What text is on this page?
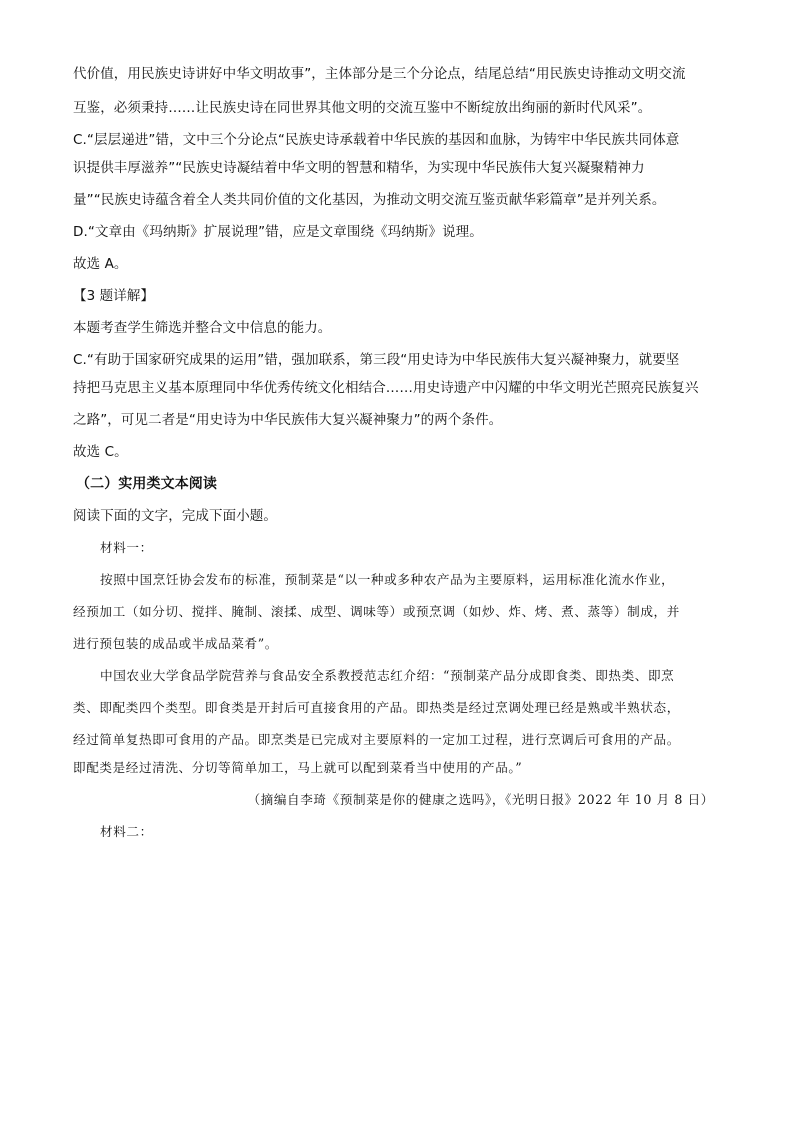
代价值，用民族史诗讲好中华文明故事”，主体部分是三个分论点，结尾总结“用民族史诗推动文明交流
互鉴，必须秉持……让民族史诗在同世界其他文明的交流互鉴中不断绽放出绚丽的新时代风采”。
C.“层层递进”错，文中三个分论点“民族史诗承载着中华民族的基因和血脉，为铸牢中华民族共同体意
识提供丰厚滋养”“民族史诗凝结着中华文明的智慧和精华，为实现中华民族伟大复兴凝聚精神力
量”“民族史诗蕴含着全人类共同价值的文化基因，为推动文明交流互鉴贡献华彩篇章”是并列关系。
D.“文章由《玛纳斯》扩展说理”错，应是文章围绕《玛纳斯》说理。
故选 A。
【3 题详解】
本题考查学生筛选并整合文中信息的能力。
C.“有助于国家研究成果的运用”错，强加联系，第三段“用史诗为中华民族伟大复兴凝神聚力，就要坚
持把马克思主义基本原理同中华优秀传统文化相结合……用史诗遗产中闪耀的中华文明光芒照亮民族复兴
之路”，可见二者是“用史诗为中华民族伟大复兴凝神聚力”的两个条件。
故选 C。
（二）实用类文本阅读
阅读下面的文字，完成下面小题。
材料一：
按照中国烹饪协会发布的标准，预制菜是“以一种或多种农产品为主要原料，运用标准化流水作业，
经预加工（如分切、搅拌、腌制、滚揉、成型、调味等）或预烹调（如炒、炸、烤、煮、蒸等）制成，并
进行预包装的成品或半成品菜肴”。
中国农业大学食品学院营养与食品安全系教授范志红介绍：“预制菜产品分成即食类、即热类、即烹
类、即配类四个类型。即食类是开封后可直接食用的产品。即热类是经过烹调处理已经是熟或半熟状态，
经过简单复热即可食用的产品。即烹类是已完成对主要原料的一定加工过程，进行烹调后可食用的产品。
即配类是经过清洗、分切等简单加工，马上就可以配到菜肴当中使用的产品。”
（摘编自李琦《预制菜是你的健康之选吗》，《光明日报》2022 年 10 月 8 日）
材料二：
